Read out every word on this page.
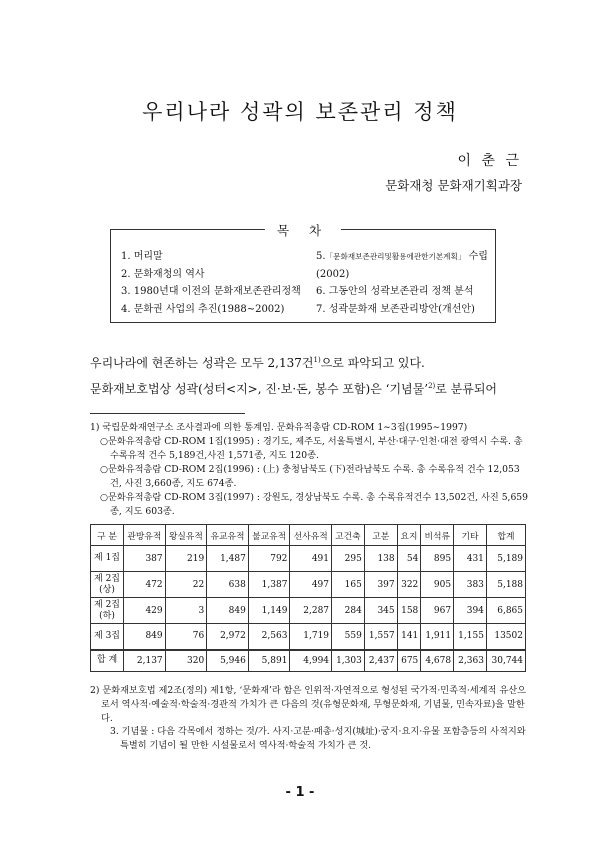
우리나라 성곽의 보존관리 정책
이 춘 근
문화재청 문화재기획과장
목 차
1. 머리말
2. 문화재청의 역사
3. 1980년대 이전의 문화재보존관리정책
4. 문화권 사업의 추진(1988∼2002)
5.「문화재보존관리및활용에관한기본계획」 수립(2002)
6. 그동안의 성곽보존관리 정책 분석
7. 성곽문화재 보존관리방안(개선안)
우리나라에 현존하는 성곽은 모두 2,137건$^{1)}$으로 파악되고 있다.
문화재보호법상 성곽(성터<지>, 진·보·돈, 봉수 포함)은 ‘기념물’$^{2)}$로 분류되어
1) 국립문화재연구소 조사결과에 의한 통계임. 문화유적총람 CD-ROM 1∼3집(1995∼1997)
○문화유적총람 CD-ROM 1집(1995) : 경기도, 제주도, 서울특별시, 부산·대구·인천·대전 광역시 수록. 총 수록유적 건수 5,189건,사진 1,571종, 지도 120종.
○문화유적총람 CD-ROM 2집(1996) : (上) 충청남북도 (下)전라남북도 수록. 총 수록유적 건수 12,053건, 사진 3,660종, 지도 674종.
○문화유적총람 CD-ROM 3집(1997) : 강원도, 경상남북도 수록. 총 수록유적건수 13,502건, 사진 5,659종, 지도 603종.
구 분	관방유적	왕실유적	유교유적	불교유적	선사유적	고건축	고분	요지	비석류	기타	합계
제 1집	387	219	1,487	792	491	295	138	54	895	431	5,189
제 2집
(상)	472	22	638	1,387	497	165	397	322	905	383	5,188
제 2집
(하)	429	3	849	1,149	2,287	284	345	158	967	394	6,865
제 3집	849	76	2,972	2,563	1,719	559	1,557	141	1,911	1,155	13502
합 계	2,137	320	5,946	5,891	4,994	1,303	2,437	675	4,678	2,363	30,744
2) 문화재보호법 제2조(정의) 제1항, ‘문화재’라 함은 인위적·자연적으로 형성된 국가적·민족적·세계적 유산으로서 역사적·예술적·학술적·경관적 가치가 큰 다음의 것(유형문화재, 무형문화재, 기념물, 민속자료)을 말한다.
3. 기념물 : 다음 각목에서 정하는 것/가. 사지·고분·패총·성지(城址)·궁지·요지·유물 포함층등의 사적지와 특별히 기념이 될 만한 시설물로서 역사적·학술적 가치가 큰 것.
- 1 -
